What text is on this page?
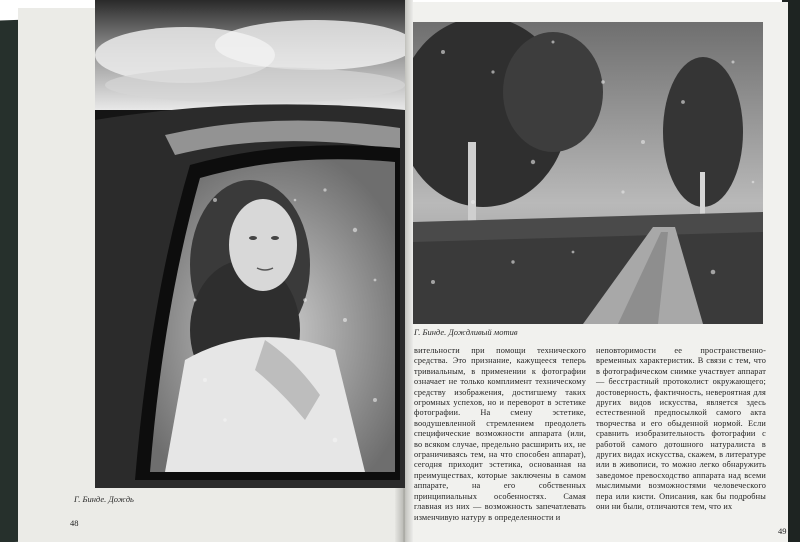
Г. Бинде. Дождь
48
Г. Бинде. Дождливый мотив
вительности при помощи технического средства. Это признание, кажущееся теперь тривиальным, в применении к фотографии означает не только комплимент техническому средству изображения, достигшему таких огромных успехов, но и переворот в эстетике фотографии. На смену эстетике, воодушевленной стремлением преодолеть специфические возможности аппарата (или, во всяком случае, предельно расширить их, не ограничиваясь тем, на что способен аппарат), сегодня приходит эстетика, основанная на преимуществах, которые заключены в самом аппарате, на его собственных принципиальных особенностях. Самая главная из них — возможность запечатлевать изменчивую натуру в определенности и
неповторимости ее пространственно-временных характеристик. В связи с тем, что в фотографическом снимке участвует аппарат — бесстрастный протоколист окружающего; достоверность, фактичность, невероятная для других видов искусства, является здесь естественной предпосылкой самого акта творчества и его обыденной нормой. Если сравнить изобразительность фотографии с работой самого дотошного натуралиста в других видах искусства, скажем, в литературе или в живописи, то можно легко обнаружить заведомое превосходство аппарата над всеми мыслимыми возможностями человеческого пера или кисти. Описания, как бы подробны они ни были, отличаются тем, что их
49
